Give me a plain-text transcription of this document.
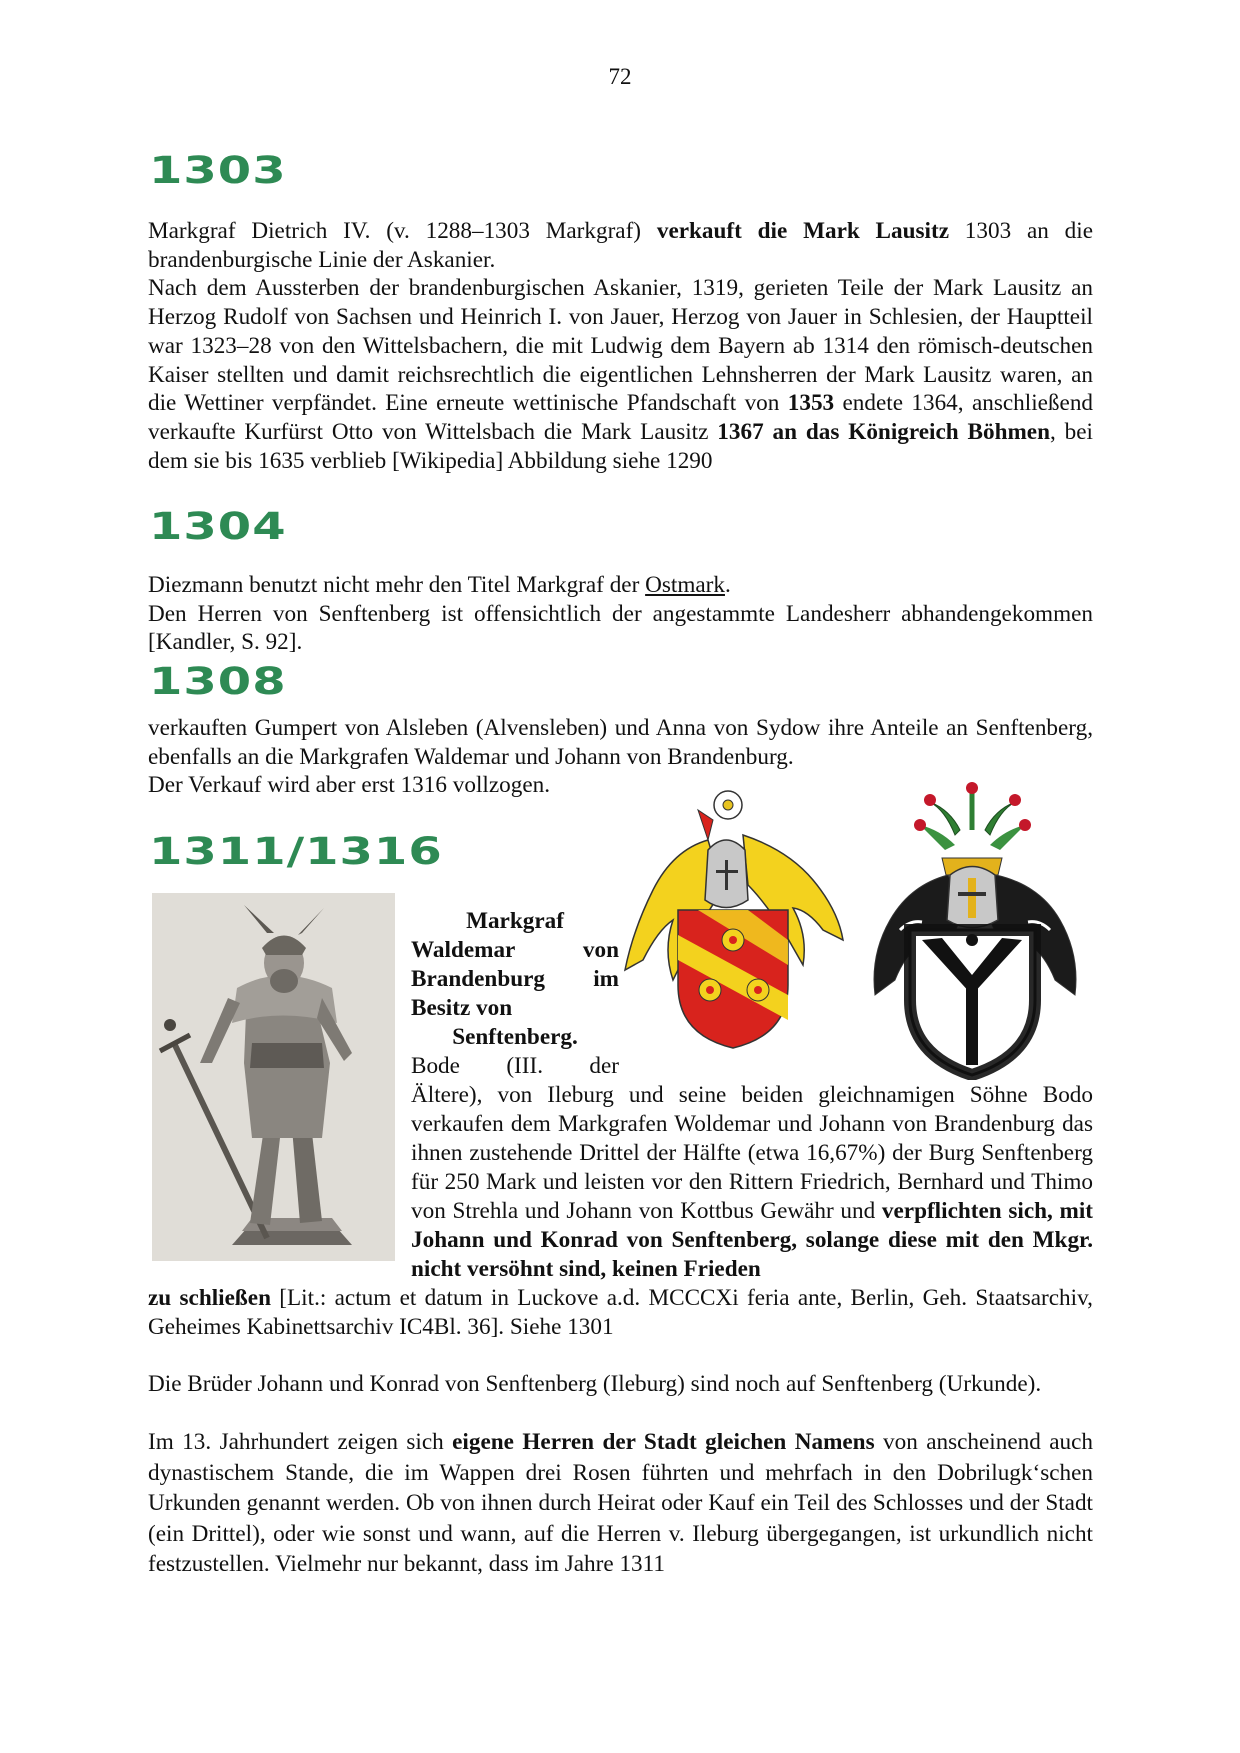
72
1303

Markgraf Dietrich IV. (v. 1288–1303 Markgraf) verkauft die Mark Lausitz 1303 an die brandenburgische Linie der Askanier.
Nach dem Aussterben der brandenburgischen Askanier, 1319, gerieten Teile der Mark Lausitz an Herzog Rudolf von Sachsen und Heinrich I. von Jauer, Herzog von Jauer in Schlesien, der Hauptteil war 1323–28 von den Wittelsbachern, die mit Ludwig dem Bayern ab 1314 den römisch-deutschen Kaiser stellten und damit reichsrechtlich die eigentlichen Lehnsherren der Mark Lausitz waren, an die Wettiner verpfändet. Eine erneute wettinische Pfandschaft von 1353 endete 1364, anschließend verkaufte Kurfürst Otto von Wittelsbach die Mark Lausitz 1367 an das Königreich Böhmen, bei dem sie bis 1635 verblieb [Wikipedia] Abbildung siehe 1290

1304

Diezmann benutzt nicht mehr den Titel Markgraf der Ostmark.
Den Herren von Senftenberg ist offensichtlich der angestammte Landesherr abhandengekommen [Kandler, S. 92].

1308

verkauften Gumpert von Alsleben (Alvensleben) und Anna von Sydow ihre Anteile an Senftenberg, ebenfalls an die Markgrafen Waldemar und Johann von Brandenburg.
Der Verkauf wird aber erst 1316 vollzogen.

1311/1316

Markgraf

Waldemar von Brandenburg im Besitz von

Senftenberg.

Bode (III. der

Ältere), von Ileburg und seine beiden gleichnamigen Söhne Bodo verkaufen dem Markgrafen Woldemar und Johann von Brandenburg das ihnen zustehende Drittel der Hälfte (etwa 16,67%) der Burg Senftenberg für 250 Mark und leisten vor den Rittern Friedrich, Bernhard und Thimo von Strehla und Johann von Kottbus Gewähr und verpflichten sich, mit Johann und Konrad von Senftenberg, solange diese mit den Mkgr. nicht versöhnt sind, keinen Frieden

zu schließen [Lit.: actum et datum in Luckove a.d. MCCCXi feria ante, Berlin, Geh. Staatsarchiv, Geheimes Kabinettsarchiv IC4Bl. 36]. Siehe 1301

Die Brüder Johann und Konrad von Senftenberg (Ileburg) sind noch auf Senftenberg (Urkunde).

Im 13. Jahrhundert zeigen sich eigene Herren der Stadt gleichen Namens von anscheinend auch dynastischem Stande, die im Wappen drei Rosen führten und mehrfach in den Dobrilugk‘schen Urkunden genannt werden. Ob von ihnen durch Heirat oder Kauf ein Teil des Schlosses und der Stadt (ein Drittel), oder wie sonst und wann, auf die Herren v. Ileburg übergegangen, ist urkundlich nicht festzustellen. Vielmehr nur bekannt, dass im Jahre 1311
